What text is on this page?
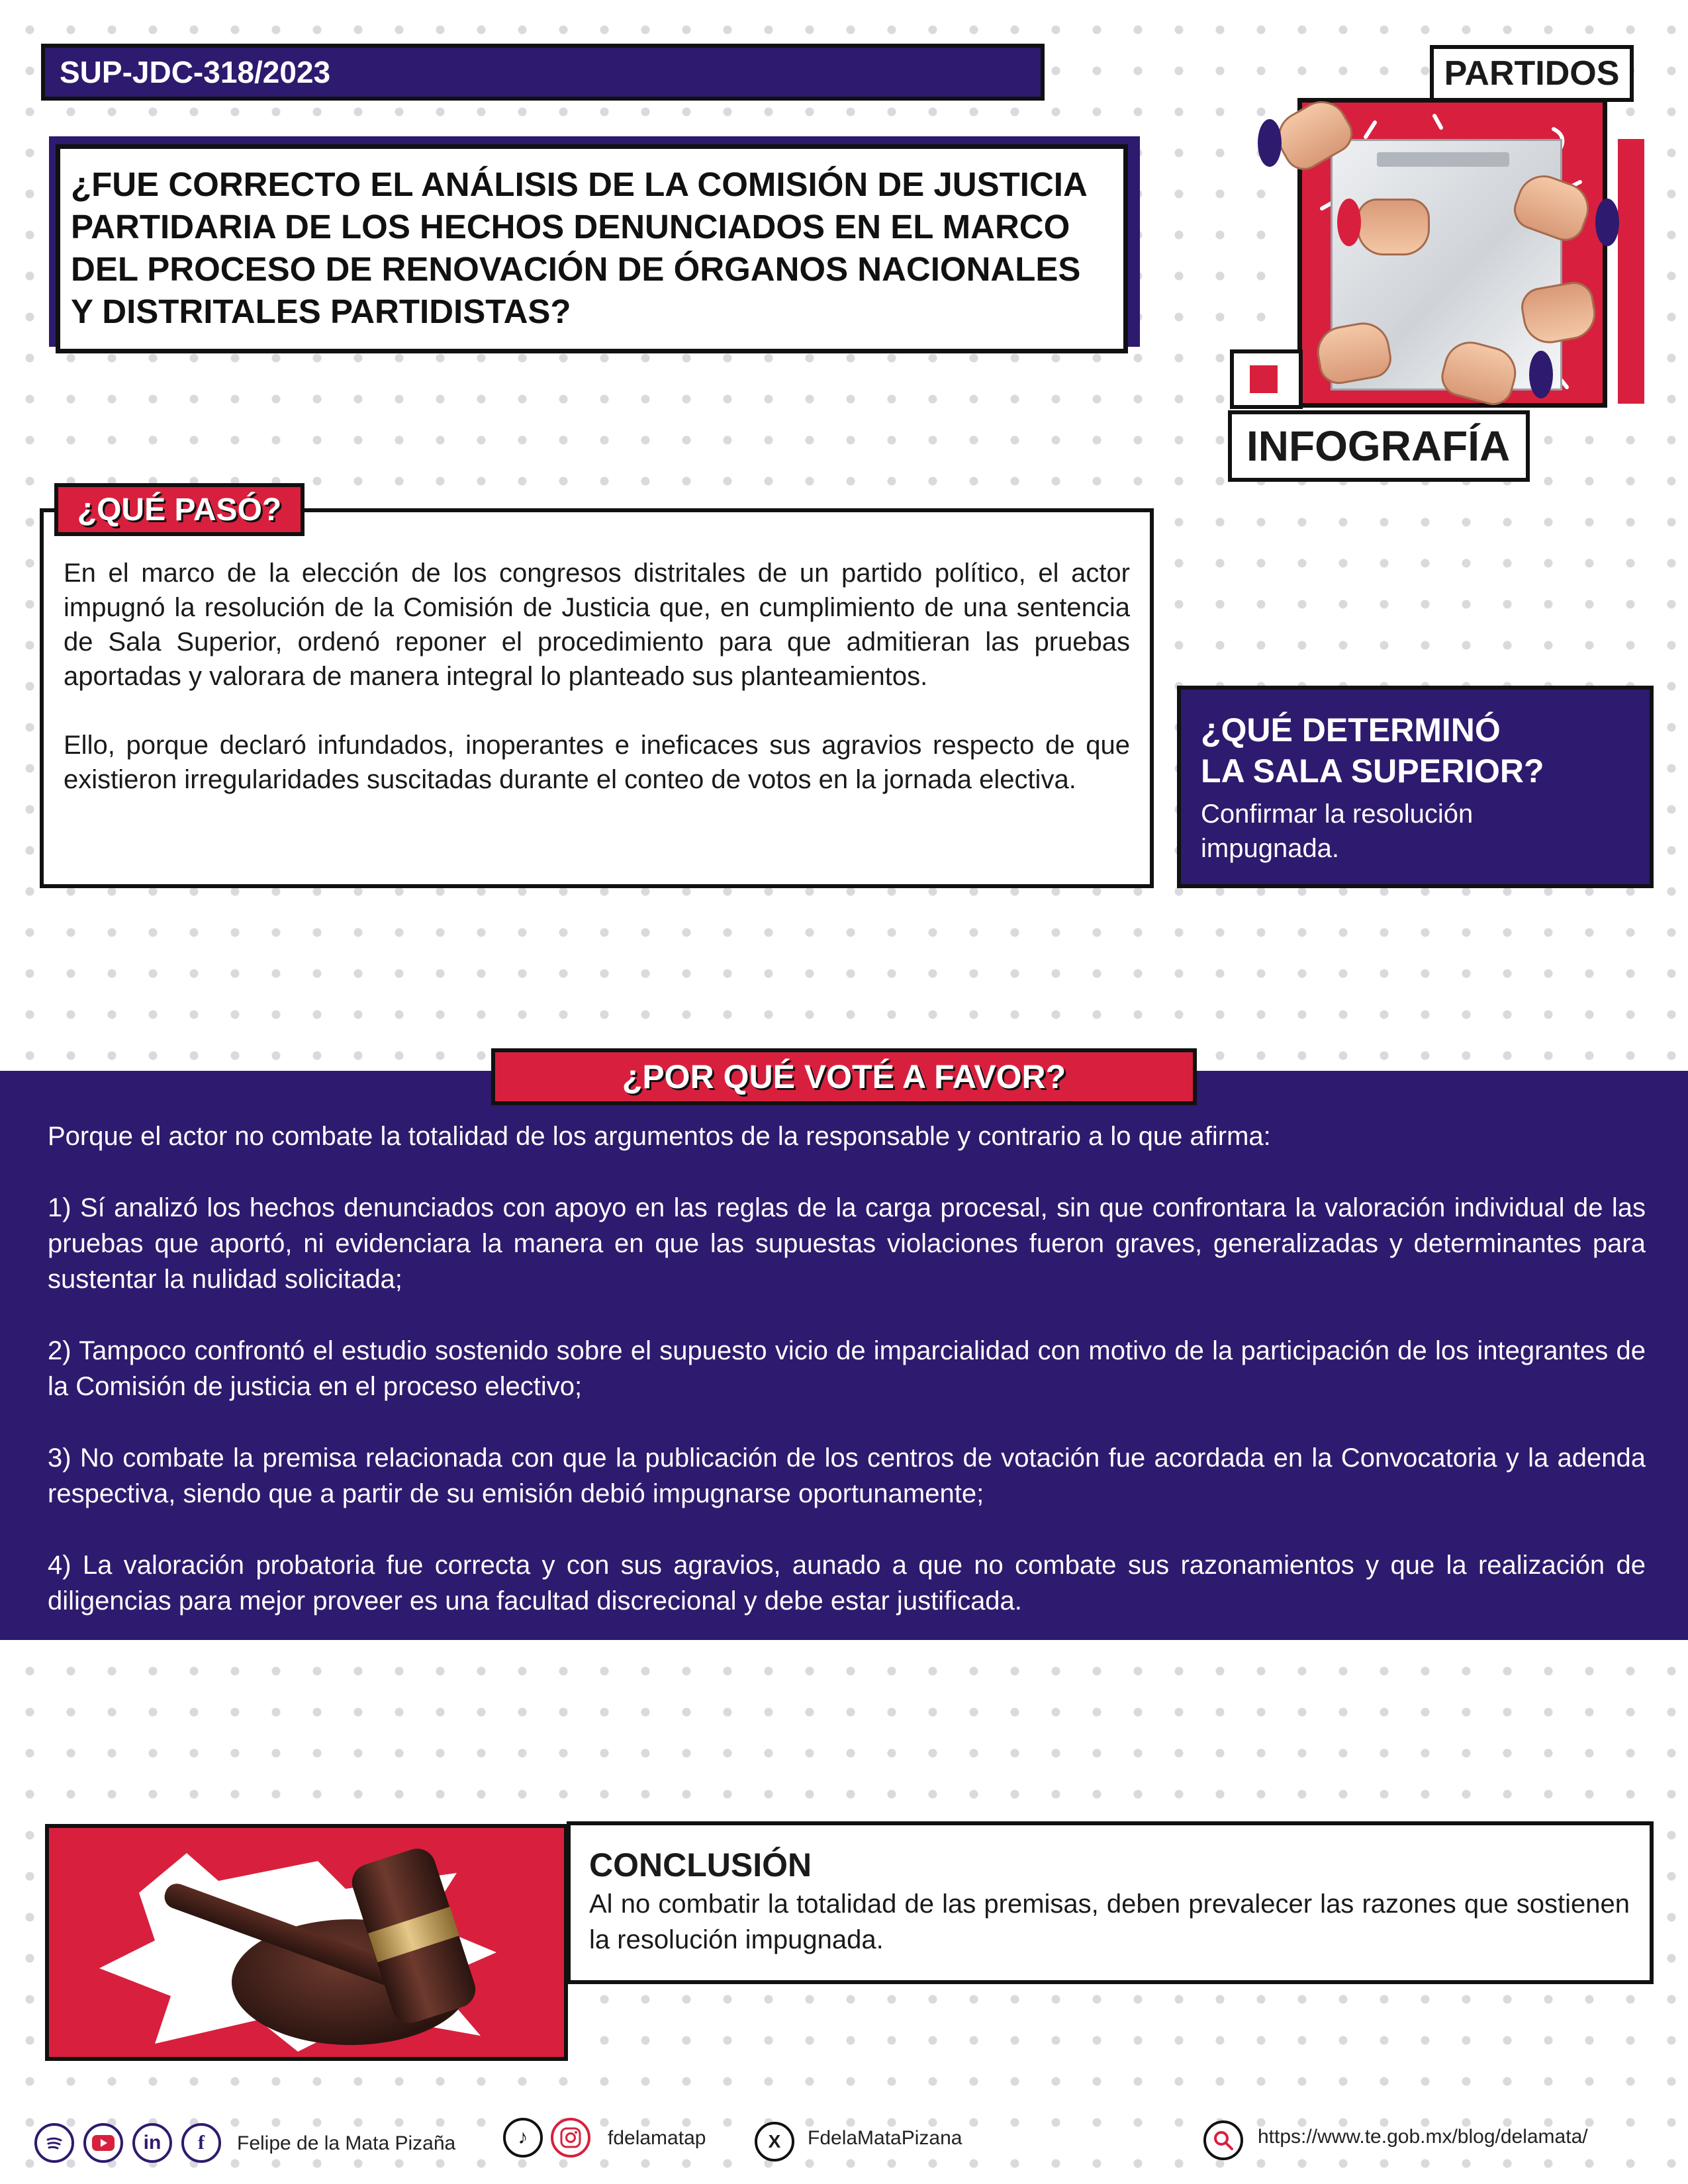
SUP-JDC-318/2023
¿FUE CORRECTO EL ANÁLISIS DE LA COMISIÓN DE JUSTICIA PARTIDARIA DE LOS HECHOS DENUNCIADOS EN EL MARCO DEL PROCESO DE RENOVACIÓN DE ÓRGANOS NACIONALES Y DISTRITALES PARTIDISTAS?
PARTIDOS
INFOGRAFÍA

En el marco de la elección de los congresos distritales de un partido político, el actor impugnó la resolución de la Comisión de Justicia que, en cumplimiento de una sentencia de Sala Superior, ordenó reponer el procedimiento para que admitieran las pruebas aportadas y valorara de manera integral lo planteado sus planteamientos.

Ello, porque declaró infundados, inoperantes e ineficaces sus agravios respecto de que existieron irregularidades suscitadas durante el conteo de votos en la jornada electiva.

¿QUÉ PASÓ?
¿QUÉ DETERMINÓ
LA SALA SUPERIOR?
Confirmar la resolución
impugnada.

Porque el actor no combate la totalidad de los argumentos de la responsable y contrario a lo que afirma:

1) Sí analizó los hechos denunciados con apoyo en las reglas de la carga procesal, sin que confrontara la valoración individual de las pruebas que aportó, ni evidenciara la manera en que las supuestas violaciones fueron graves, generalizadas y determinantes para sustentar la nulidad solicitada;

2) Tampoco confrontó el estudio sostenido sobre el supuesto vicio de imparcialidad con motivo de la participación de los integrantes de la Comisión de justicia en el proceso electivo;

3) No combate la premisa relacionada con que la publicación de los centros de votación fue acordada en la Convocatoria y la adenda respectiva, siendo que a partir de su emisión debió impugnarse oportunamente;

4) La valoración probatoria fue correcta y con sus agravios, aunado a que no combate sus razonamientos y que la realización de diligencias para mejor proveer es una facultad discrecional y debe estar justificada.

¿POR QUÉ VOTÉ A FAVOR?
CONCLUSIÓN
Al no combatir la totalidad de las premisas, deben prevalecer las razones que sostienen la resolución impugnada.
in	f	Felipe de la Mata Pizaña	♪	fdelamatap	X	FdelaMataPizana	https://www.te.gob.mx/blog/delamata/
